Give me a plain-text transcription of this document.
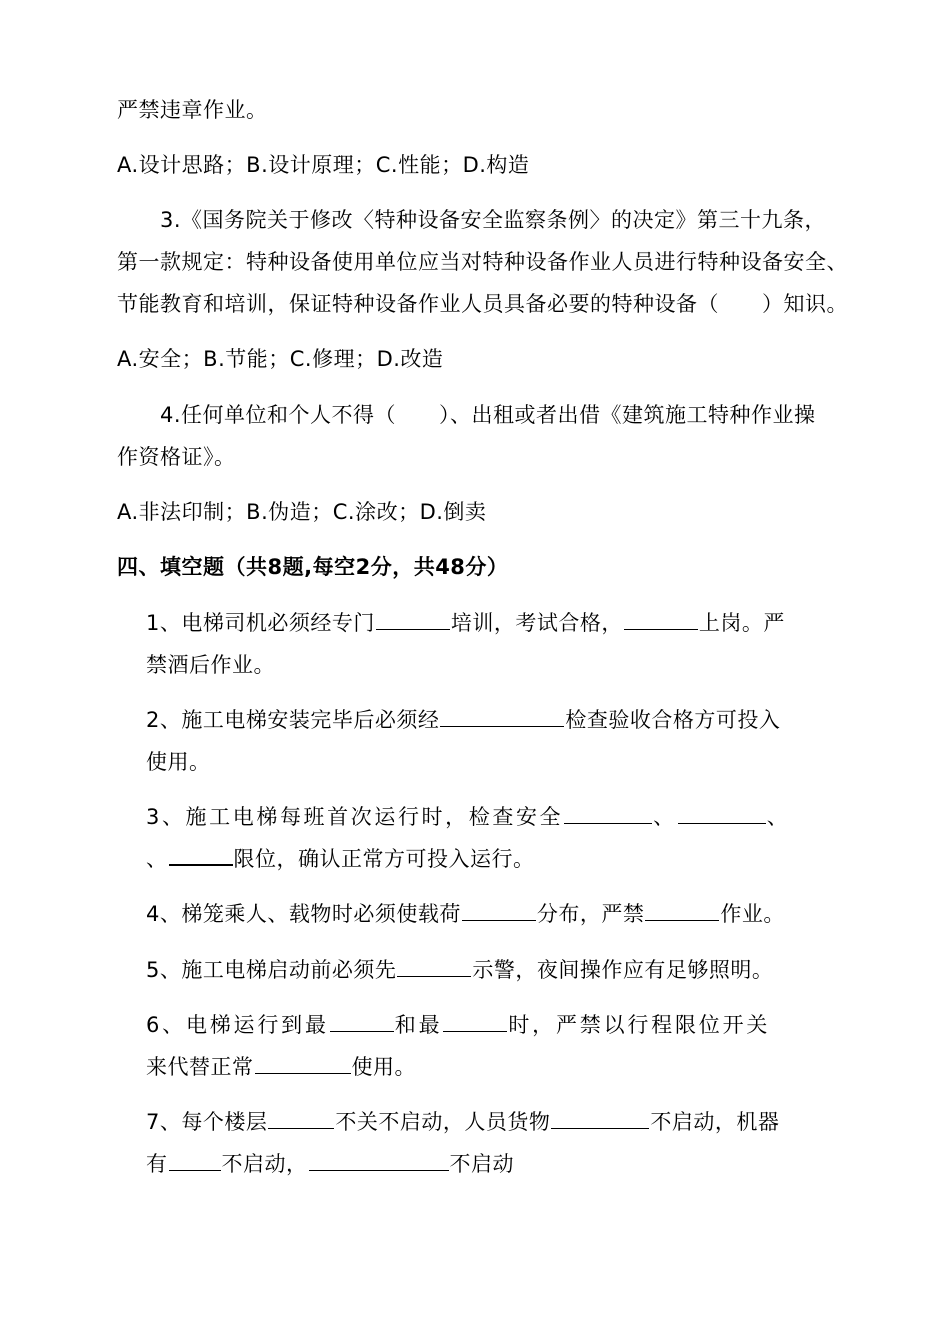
严禁违章作业。
A.设计思路；B.设计原理；C.性能；D.构造
3.《国务院关于修改〈特种设备安全监察条例〉的决定》第三十九条，
第一款规定：特种设备使用单位应当对特种设备作业人员进行特种设备安全、
节能教育和培训，保证特种设备作业人员具备必要的特种设备（　　）知识。
A.安全；B.节能；C.修理；D.改造
4.任何单位和个人不得（　　）、出租或者出借《建筑施工特种作业操
作资格证》。
A.非法印制；B.伪造；C.涂改；D.倒卖
四、填空题（共8题,每空2分，共48分）
1、电梯司机必须经专门	培训，考试合格，	上岗。严
禁酒后作业。
2、施工电梯安装完毕后必须经	检查验收合格方可投入
使用。
3、施工电梯每班首次运行时，检查安全	、	、
、	限位，确认正常方可投入运行。
4、梯笼乘人、载物时必须使载荷	分布，严禁	作业。
5、施工电梯启动前必须先	示警，夜间操作应有足够照明。
6、电梯运行到最	和最	时，严禁以行程限位开关
来代替正常	使用。
7、每个楼层	不关不启动，人员货物	不启动，机器
有	不启动，	不启动
